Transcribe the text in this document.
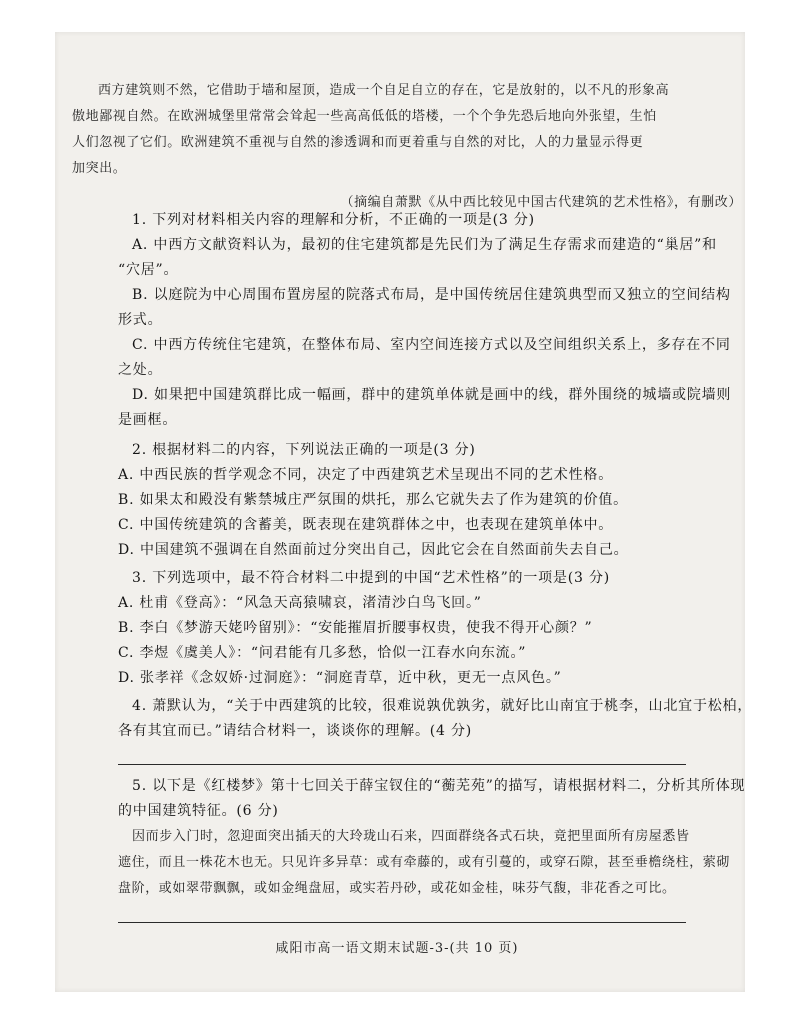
西方建筑则不然，它借助于墙和屋顶，造成一个自足自立的存在，它是放射的，以不凡的形象高
傲地鄙视自然。在欧洲城堡里常常会耸起一些高高低低的塔楼，一个个争先恐后地向外张望，生怕
人们忽视了它们。欧洲建筑不重视与自然的渗透调和而更着重与自然的对比，人的力量显示得更
加突出。
（摘编自萧默《从中西比较见中国古代建筑的艺术性格》，有删改）
1. 下列对材料相关内容的理解和分析，不正确的一项是(3 分)
A. 中西方文献资料认为，最初的住宅建筑都是先民们为了满足生存需求而建造的“巢居”和
“穴居”。
B. 以庭院为中心周围布置房屋的院落式布局，是中国传统居住建筑典型而又独立的空间结构
形式。
C. 中西方传统住宅建筑，在整体布局、室内空间连接方式以及空间组织关系上，多存在不同
之处。
D. 如果把中国建筑群比成一幅画，群中的建筑单体就是画中的线，群外围绕的城墙或院墙则
是画框。
2. 根据材料二的内容，下列说法正确的一项是(3 分)
A. 中西民族的哲学观念不同，决定了中西建筑艺术呈现出不同的艺术性格。
B. 如果太和殿没有紫禁城庄严氛围的烘托，那么它就失去了作为建筑的价值。
C. 中国传统建筑的含蓄美，既表现在建筑群体之中，也表现在建筑单体中。
D. 中国建筑不强调在自然面前过分突出自己，因此它会在自然面前失去自己。
3. 下列选项中，最不符合材料二中提到的中国“艺术性格”的一项是(3 分)
A. 杜甫《登高》：“风急天高猿啸哀，渚清沙白鸟飞回。”
B. 李白《梦游天姥吟留别》：“安能摧眉折腰事权贵，使我不得开心颜？”
C. 李煜《虞美人》：“问君能有几多愁，恰似一江春水向东流。”
D. 张孝祥《念奴娇·过洞庭》：“洞庭青草，近中秋，更无一点风色。”
4. 萧默认为，“关于中西建筑的比较，很难说孰优孰劣，就好比山南宜于桃李，山北宜于松柏，
各有其宜而已。”请结合材料一，谈谈你的理解。(4 分)
5. 以下是《红楼梦》第十七回关于薛宝钗住的“蘅芜苑”的描写，请根据材料二，分析其所体现
的中国建筑特征。(6 分)
因而步入门时，忽迎面突出插天的大玲珑山石来，四面群绕各式石块，竟把里面所有房屋悉皆
遮住，而且一株花木也无。只见许多异草：或有牵藤的，或有引蔓的，或穿石隙，甚至垂檐绕柱，萦砌
盘阶，或如翠带飘飘，或如金绳盘屈，或实若丹砂，或花如金桂，味芬气馥，非花香之可比。
咸阳市高一语文期末试题-3-(共 10 页)
